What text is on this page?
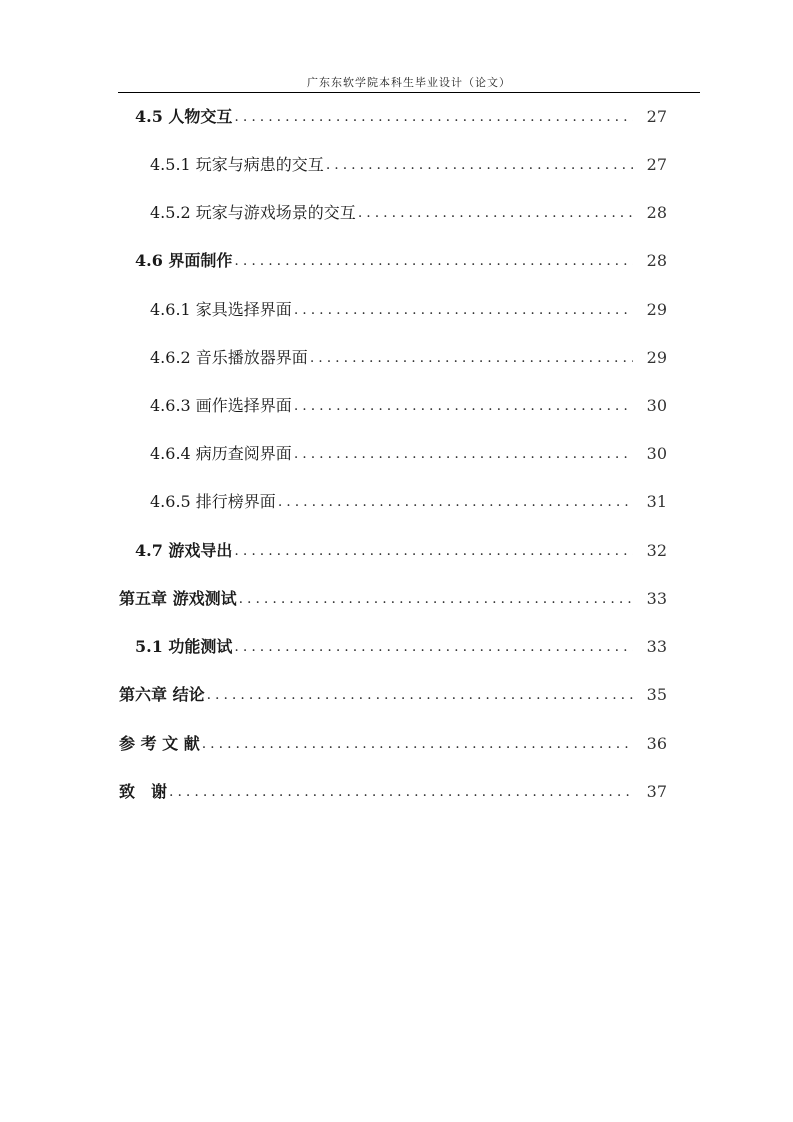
广东东软学院本科生毕业设计（论文）
4.5 人物交互 .....	27
4.5.1 玩家与病患的交互 .....	27
4.5.2 玩家与游戏场景的交互 .....	28
4.6 界面制作 .....	28
4.6.1 家具选择界面 .....	29
4.6.2 音乐播放器界面 .....	29
4.6.3 画作选择界面 .....	30
4.6.4 病历查阅界面 .....	30
4.6.5 排行榜界面 .....	31
4.7 游戏导出 .....	32
第五章 游戏测试 .....	33
5.1 功能测试 .....	33
第六章 结论 .....	35
参 考 文 献 .....	36
致　谢 .....	37
